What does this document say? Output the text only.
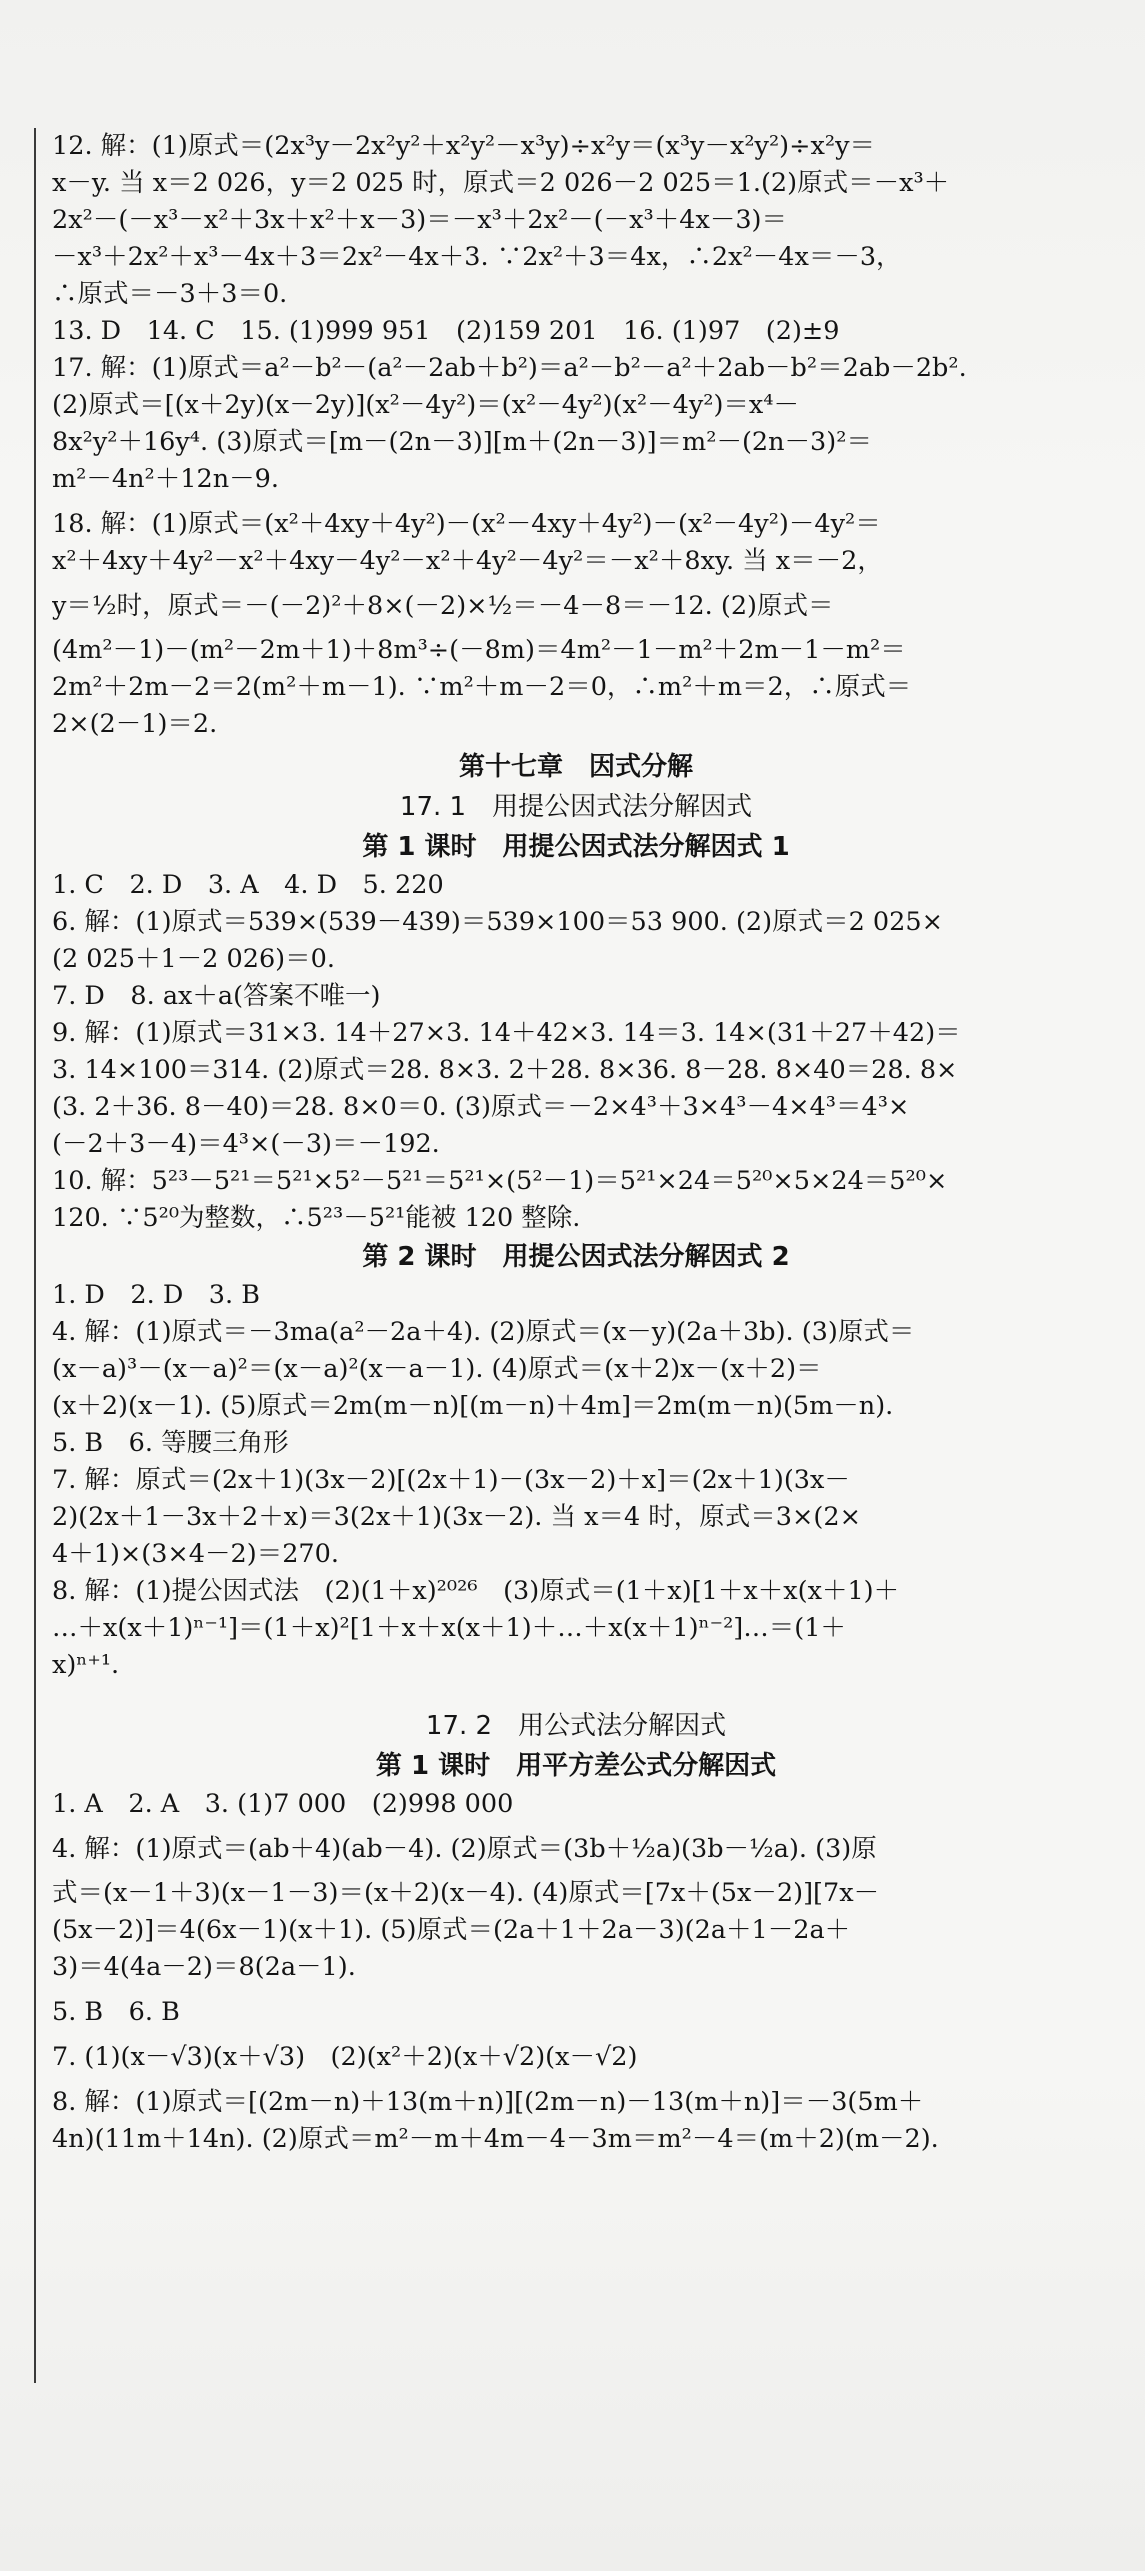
12. 解：(1)原式＝(2x³y－2x²y²＋x²y²－x³y)÷x²y＝(x³y－x²y²)÷x²y＝
x－y. 当 x＝2 026，y＝2 025 时，原式＝2 026－2 025＝1.(2)原式＝－x³＋
2x²－(－x³－x²＋3x＋x²＋x－3)＝－x³＋2x²－(－x³＋4x－3)＝
－x³＋2x²＋x³－4x＋3＝2x²－4x＋3. ∵2x²＋3＝4x，∴2x²－4x＝－3，
∴原式＝－3＋3＝0.
13. D　14. C　15. (1)999 951　(2)159 201　16. (1)97　(2)±9
17. 解：(1)原式＝a²－b²－(a²－2ab＋b²)＝a²－b²－a²＋2ab－b²＝2ab－2b².
(2)原式＝[(x＋2y)(x－2y)](x²－4y²)＝(x²－4y²)(x²－4y²)＝x⁴－
8x²y²＋16y⁴. (3)原式＝[m－(2n－3)][m＋(2n－3)]＝m²－(2n－3)²＝
m²－4n²＋12n－9.
18. 解：(1)原式＝(x²＋4xy＋4y²)－(x²－4xy＋4y²)－(x²－4y²)－4y²＝
x²＋4xy＋4y²－x²＋4xy－4y²－x²＋4y²－4y²＝－x²＋8xy. 当 x＝－2，
y＝½时，原式＝－(－2)²＋8×(－2)×½＝－4－8＝－12. (2)原式＝
(4m²－1)－(m²－2m＋1)＋8m³÷(－8m)＝4m²－1－m²＋2m－1－m²＝
2m²＋2m－2＝2(m²＋m－1). ∵m²＋m－2＝0，∴m²＋m＝2，∴原式＝
2×(2－1)＝2.
第十七章　因式分解
17. 1　用提公因式法分解因式
第 1 课时　用提公因式法分解因式 1
1. C　2. D　3. A　4. D　5. 220
6. 解：(1)原式＝539×(539－439)＝539×100＝53 900. (2)原式＝2 025×
(2 025＋1－2 026)＝0.
7. D　8. ax＋a(答案不唯一)
9. 解：(1)原式＝31×3. 14＋27×3. 14＋42×3. 14＝3. 14×(31＋27＋42)＝
3. 14×100＝314. (2)原式＝28. 8×3. 2＋28. 8×36. 8－28. 8×40＝28. 8×
(3. 2＋36. 8－40)＝28. 8×0＝0. (3)原式＝－2×4³＋3×4³－4×4³＝4³×
(－2＋3－4)＝4³×(－3)＝－192.
10. 解：5²³－5²¹＝5²¹×5²－5²¹＝5²¹×(5²－1)＝5²¹×24＝5²⁰×5×24＝5²⁰×
120. ∵5²⁰为整数，∴5²³－5²¹能被 120 整除.
第 2 课时　用提公因式法分解因式 2
1. D　2. D　3. B
4. 解：(1)原式＝－3ma(a²－2a＋4). (2)原式＝(x－y)(2a＋3b). (3)原式＝
(x－a)³－(x－a)²＝(x－a)²(x－a－1). (4)原式＝(x＋2)x－(x＋2)＝
(x＋2)(x－1). (5)原式＝2m(m－n)[(m－n)＋4m]＝2m(m－n)(5m－n).
5. B　6. 等腰三角形
7. 解：原式＝(2x＋1)(3x－2)[(2x＋1)－(3x－2)＋x]＝(2x＋1)(3x－
2)(2x＋1－3x＋2＋x)＝3(2x＋1)(3x－2). 当 x＝4 时，原式＝3×(2×
4＋1)×(3×4－2)＝270.
8. 解：(1)提公因式法　(2)(1＋x)²⁰²⁶　(3)原式＝(1＋x)[1＋x＋x(x＋1)＋
…＋x(x＋1)ⁿ⁻¹]＝(1＋x)²[1＋x＋x(x＋1)＋…＋x(x＋1)ⁿ⁻²]…＝(1＋
x)ⁿ⁺¹.
17. 2　用公式法分解因式
第 1 课时　用平方差公式分解因式
1. A　2. A　3. (1)7 000　(2)998 000
4. 解：(1)原式＝(ab＋4)(ab－4). (2)原式＝(3b＋½a)(3b－½a). (3)原
式＝(x－1＋3)(x－1－3)＝(x＋2)(x－4). (4)原式＝[7x＋(5x－2)][7x－
(5x－2)]＝4(6x－1)(x＋1). (5)原式＝(2a＋1＋2a－3)(2a＋1－2a＋
3)＝4(4a－2)＝8(2a－1).
5. B　6. B
7. (1)(x－√3)(x＋√3)　(2)(x²＋2)(x＋√2)(x－√2)
8. 解：(1)原式＝[(2m－n)＋13(m＋n)][(2m－n)－13(m＋n)]＝－3(5m＋
4n)(11m＋14n). (2)原式＝m²－m＋4m－4－3m＝m²－4＝(m＋2)(m－2).
